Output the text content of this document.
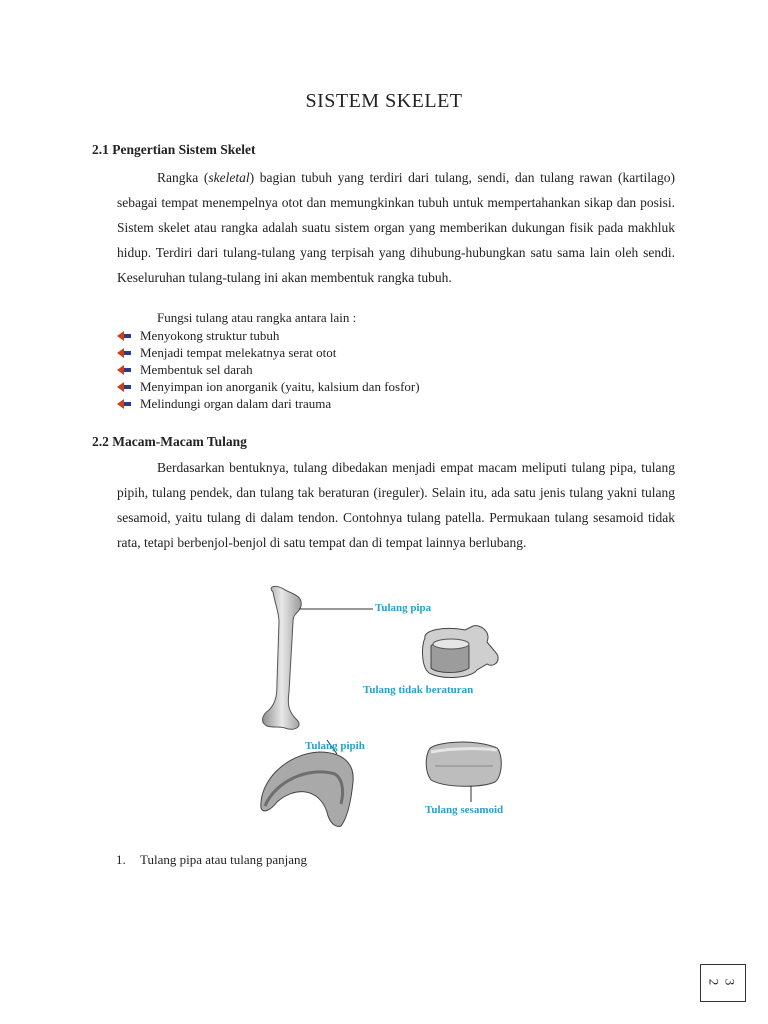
SISTEM SKELET
2.1 Pengertian Sistem Skelet
Rangka (skeletal) bagian tubuh yang terdiri dari tulang, sendi, dan tulang rawan (kartilago) sebagai tempat menempelnya otot dan memungkinkan tubuh untuk mempertahankan sikap dan posisi. Sistem skelet atau rangka adalah suatu sistem organ yang memberikan dukungan fisik pada makhluk hidup. Terdiri dari tulang-tulang yang terpisah yang dihubung-hubungkan satu sama lain oleh sendi. Keseluruhan tulang-tulang ini akan membentuk rangka tubuh.
Fungsi tulang atau rangka antara lain :
Menyokong struktur tubuh
Menjadi tempat melekatnya serat otot
Membentuk sel darah
Menyimpan ion anorganik (yaitu, kalsium dan fosfor)
Melindungi organ dalam dari trauma
2.2 Macam-Macam Tulang
Berdasarkan bentuknya, tulang dibedakan menjadi empat macam meliputi tulang pipa, tulang pipih, tulang pendek, dan tulang tak beraturan (ireguler). Selain itu, ada satu jenis tulang yakni tulang sesamoid, yaitu tulang di dalam tendon. Contohnya tulang patella. Permukaan tulang sesamoid tidak rata, tetapi berbenjol-benjol di satu tempat dan di tempat lainnya berlubang.
Tulang pipa
Tulang tidak beraturan
Tulang pipih
Tulang sesamoid
1. Tulang pipa atau tulang panjang
2 3
